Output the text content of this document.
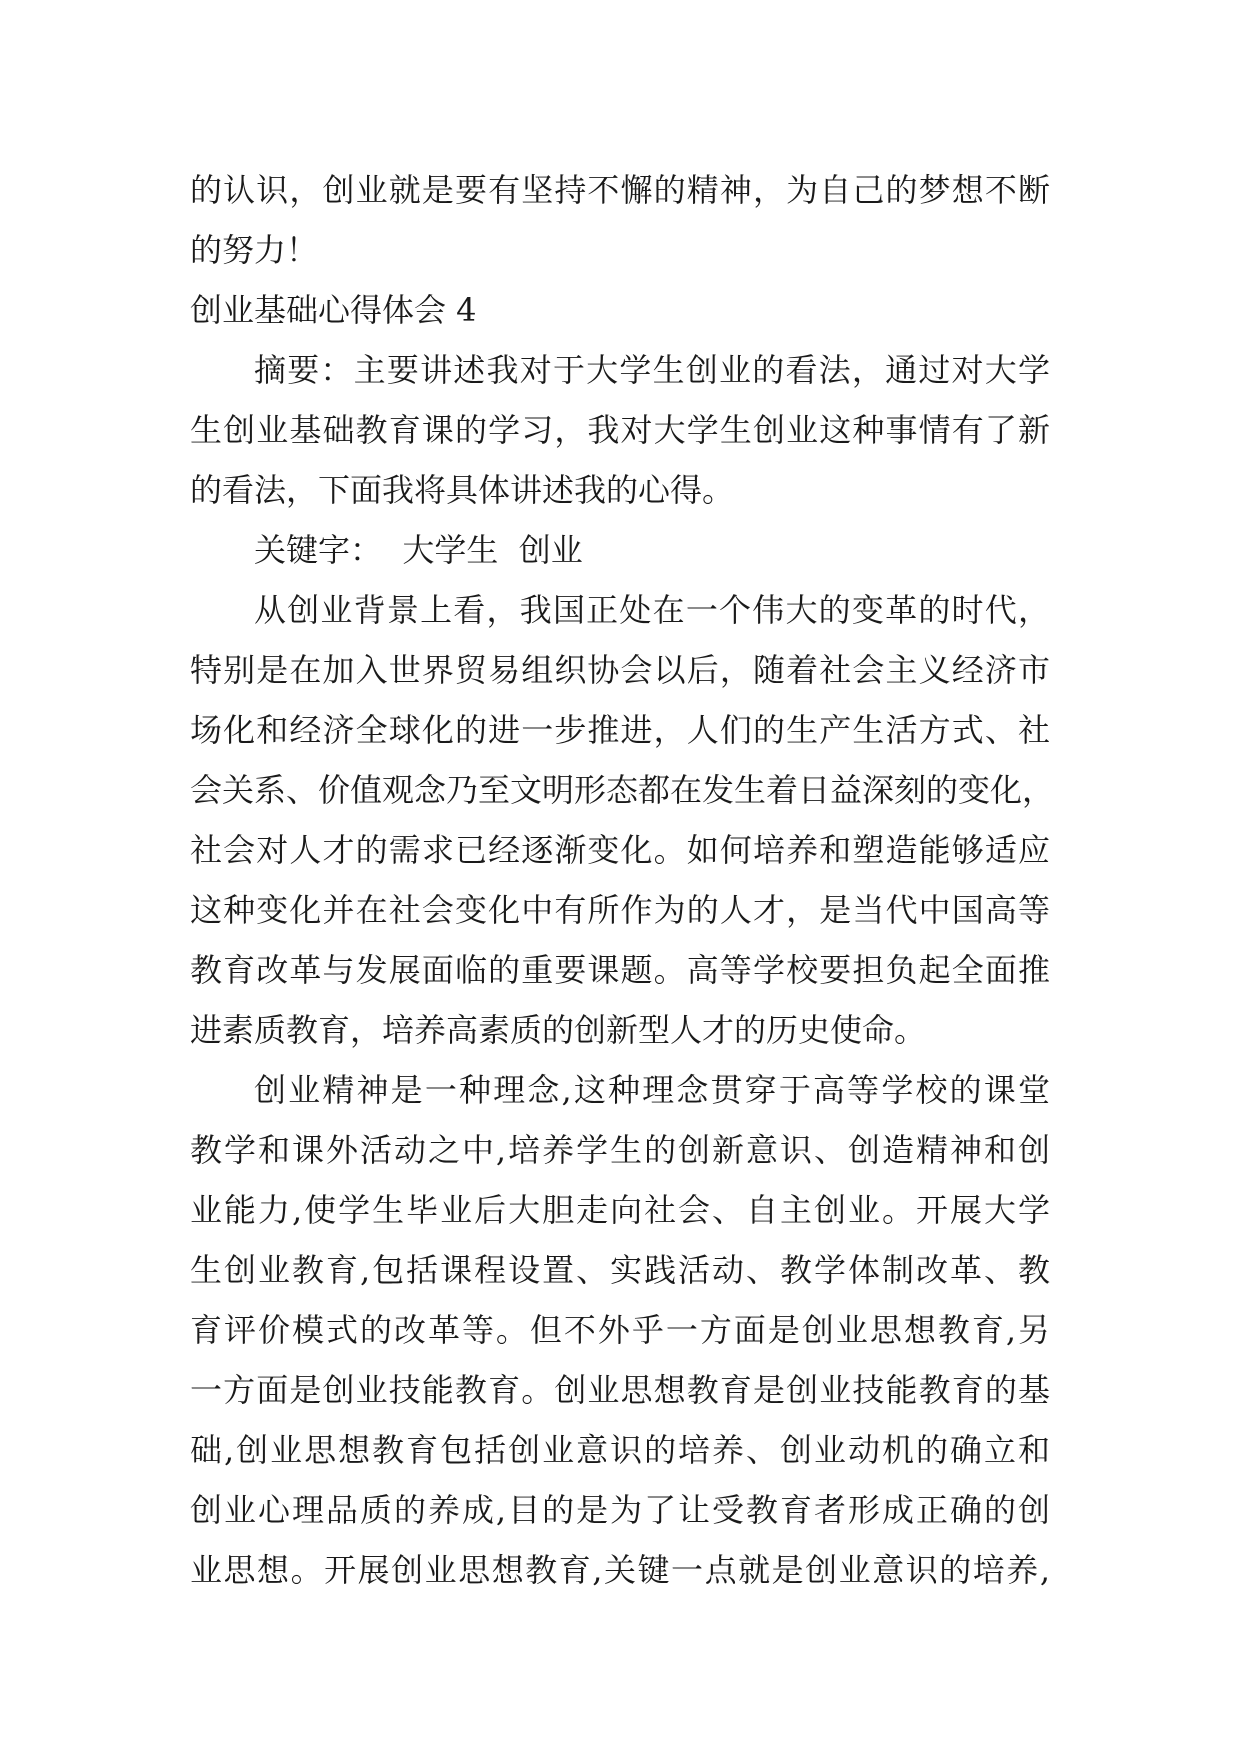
的认识，创业就是要有坚持不懈的精神，为自己的梦想不断
的努力！
创业基础心得体会 4
摘要：主要讲述我对于大学生创业的看法，通过对大学
生创业基础教育课的学习，我对大学生创业这种事情有了新
的看法，下面我将具体讲述我的心得。
关键字：  大学生  创业
从创业背景上看，我国正处在一个伟大的变革的时代，
特别是在加入世界贸易组织协会以后，随着社会主义经济市
场化和经济全球化的进一步推进，人们的生产生活方式、社
会关系、价值观念乃至文明形态都在发生着日益深刻的变化，
社会对人才的需求已经逐渐变化。如何培养和塑造能够适应
这种变化并在社会变化中有所作为的人才，是当代中国高等
教育改革与发展面临的重要课题。高等学校要担负起全面推
进素质教育，培养高素质的创新型人才的历史使命。
创业精神是一种理念,这种理念贯穿于高等学校的课堂
教学和课外活动之中,培养学生的创新意识、创造精神和创
业能力,使学生毕业后大胆走向社会、自主创业。开展大学
生创业教育,包括课程设置、实践活动、教学体制改革、教
育评价模式的改革等。但不外乎一方面是创业思想教育,另
一方面是创业技能教育。创业思想教育是创业技能教育的基
础,创业思想教育包括创业意识的培养、创业动机的确立和
创业心理品质的养成,目的是为了让受教育者形成正确的创
业思想。开展创业思想教育,关键一点就是创业意识的培养,
